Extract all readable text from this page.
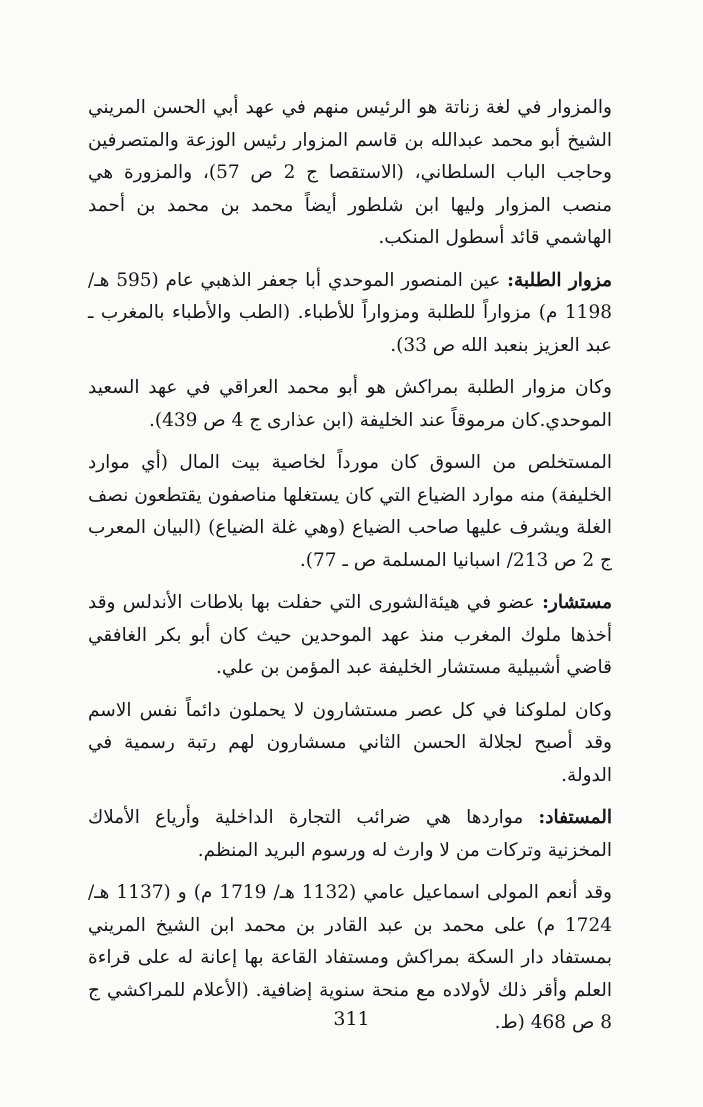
والمزوار في لغة زناتة هو الرئيس منهم في عهد أبي الحسن المريني الشيخ أبو محمد عبدالله بن قاسم المزوار رئيس الوزعة والمتصرفين وحاجب الباب السلطاني، (الاستقصا ج 2 ص 57)، والمزورة هي منصب المزوار وليها ابن شلطور أيضاً محمد بن محمد بن أحمد الهاشمي قائد أسطول المنكب.

مزوار الطلبة: عين المنصور الموحدي أبا جعفر الذهبي عام (595 هـ/ 1198 م) مزواراً للطلبة ومزواراً للأطباء. (الطب والأطباء بالمغرب ـ عبد العزيز بنعبد الله ص 33).

وكان مزوار الطلبة بمراكش هو أبو محمد العراقي في عهد السعيد الموحدي.كان مرموقاً عند الخليفة (ابن عذارى ج 4 ص 439).

المستخلص من السوق كان مورداً لخاصية بيت المال (أي موارد الخليفة) منه موارد الضياع التي كان يستغلها مناصفون يقتطعون نصف الغلة ويشرف عليها صاحب الضياع (وهي غلة الضياع) (البيان المعرب ج 2 ص 213/ اسبانيا المسلمة ص ـ 77).

مستشار: عضو في هيئةالشورى التي حفلت بها بلاطات الأندلس وقد أخذها ملوك المغرب منذ عهد الموحدين حيث كان أبو بكر الغافقي قاضي أشبيلية مستشار الخليفة عبد المؤمن بن علي.

وكان لملوكنا في كل عصر مستشارون لا يحملون دائماً نفس الاسم وقد أصبح لجلالة الحسن الثاني مسشارون لهم رتبة رسمية في الدولة.

المستفاد: مواردها هي ضرائب التجارة الداخلية وأرياع الأملاك المخزنية وتركات من لا وارث له ورسوم البريد المنظم.

وقد أنعم المولى اسماعيل عامي (1132 هـ/ 1719 م) و (1137 هـ/ 1724 م) على محمد بن عبد القادر بن محمد ابن الشيخ المريني بمستفاد دار السكة بمراكش ومستفاد القاعة بها إعانة له على قراءة العلم وأقر ذلك لأولاده مع منحة سنوية إضافية. (الأعلام للمراكشي ج 8 ص 468 (ط.

311
